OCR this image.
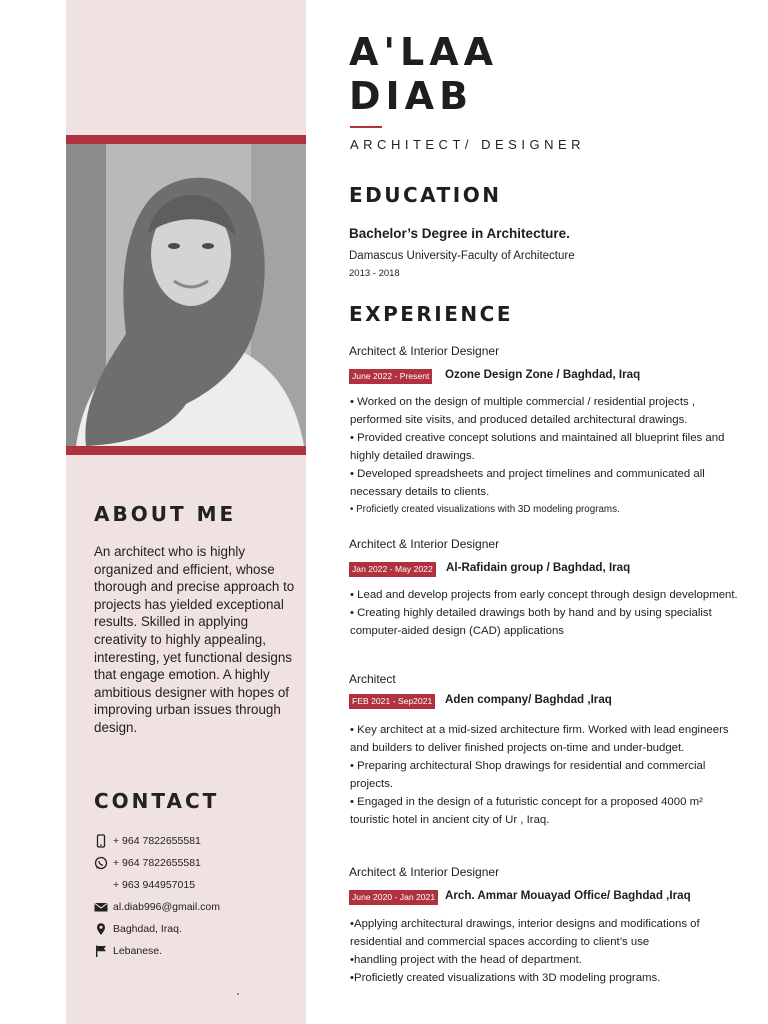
ABOUT ME

An architect who is highly organized and efficient, whose thorough and precise approach to projects has yielded exceptional results. Skilled in applying creativity to highly appealing, interesting, yet functional designs that engage emotion. A highly ambitious designer with hopes of improving urban issues through design.

CONTACT
+ 964 7822655581
+ 964 7822655581
+ 963 944957015
al.diab996@gmail.com
Baghdad, Iraq.
Lebanese.
A'LAA
DIAB
ARCHITECT/ DESIGNER
EDUCATION
Bachelor’s Degree in Architecture.
Damascus University-Faculty of Architecture
2013 - 2018
EXPERIENCE
Architect & Interior Designer
June 2022 - Present Ozone Design Zone / Baghdad, Iraq
• Worked on the design of multiple commercial / residential projects , performed site visits, and produced detailed architectural drawings.
• Provided creative concept solutions and maintained all blueprint files and highly detailed drawings.
• Developed spreadsheets and project timelines and communicated all necessary details to clients.
• Proficietly created visualizations with 3D modeling programs.
Architect & Interior Designer
Jan 2022 - May 2022 Al-Rafidain group / Baghdad, Iraq
• Lead and develop projects from early concept through design development.
• Creating highly detailed drawings both by hand and by using specialist computer-aided design (CAD) applications
Architect
FEB 2021 - Sep2021 Aden company/ Baghdad ,Iraq
• Key architect at a mid-sized architecture firm. Worked with lead engineers and builders to deliver finished projects on-time and under-budget.
• Preparing architectural Shop drawings for residential and commercial projects.
• Engaged in the design of a futuristic concept for a proposed 4000 m² touristic hotel in ancient city of Ur , Iraq.
Architect & Interior Designer
June 2020 - Jan 2021 Arch. Ammar Mouayad Office/ Baghdad ,Iraq
•Applying architectural drawings, interior designs and modifications of residential and commercial spaces according to client’s use
•handling project with the head of department.
•Proficietly created visualizations with 3D modeling programs.
